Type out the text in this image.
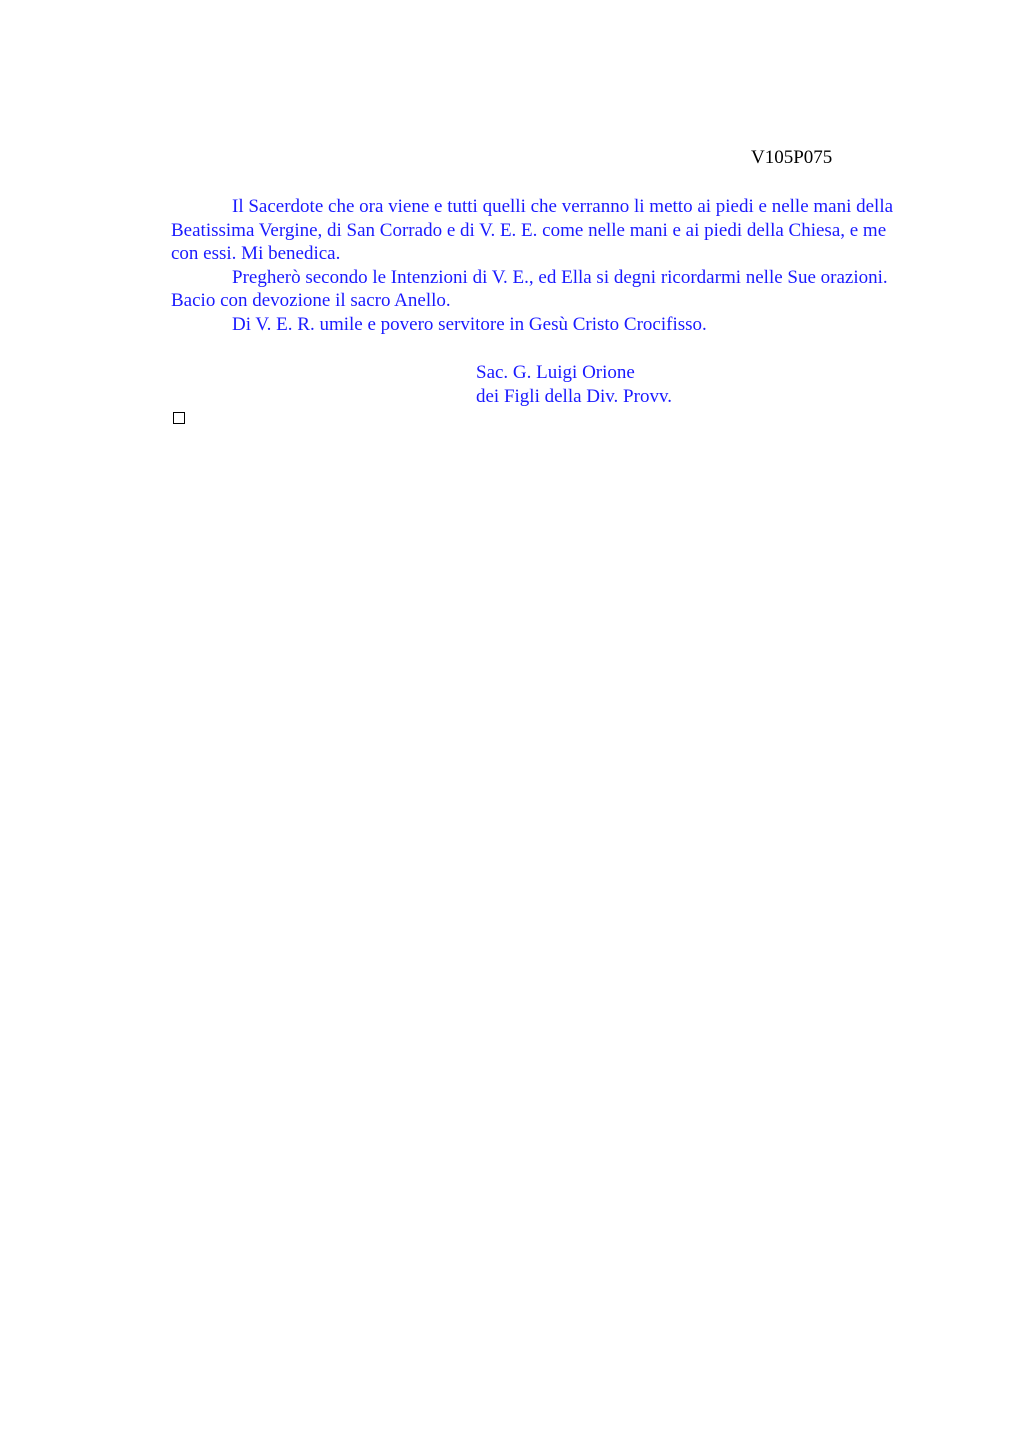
V105P075

Il Sacerdote che ora viene e tutti quelli che verranno li metto ai piedi e nelle mani della Beatissima Vergine, di San Corrado e di V. E. E. come nelle mani e ai piedi della Chiesa, e me con essi. Mi benedica.

Pregherò secondo le Intenzioni di V. E., ed Ella si degni ricordarmi nelle Sue orazioni. Bacio con devozione il sacro Anello.

Di V. E. R. umile e povero servitore in Gesù Cristo Crocifisso.

Sac. G. Luigi Orione
dei Figli della Div. Provv.
